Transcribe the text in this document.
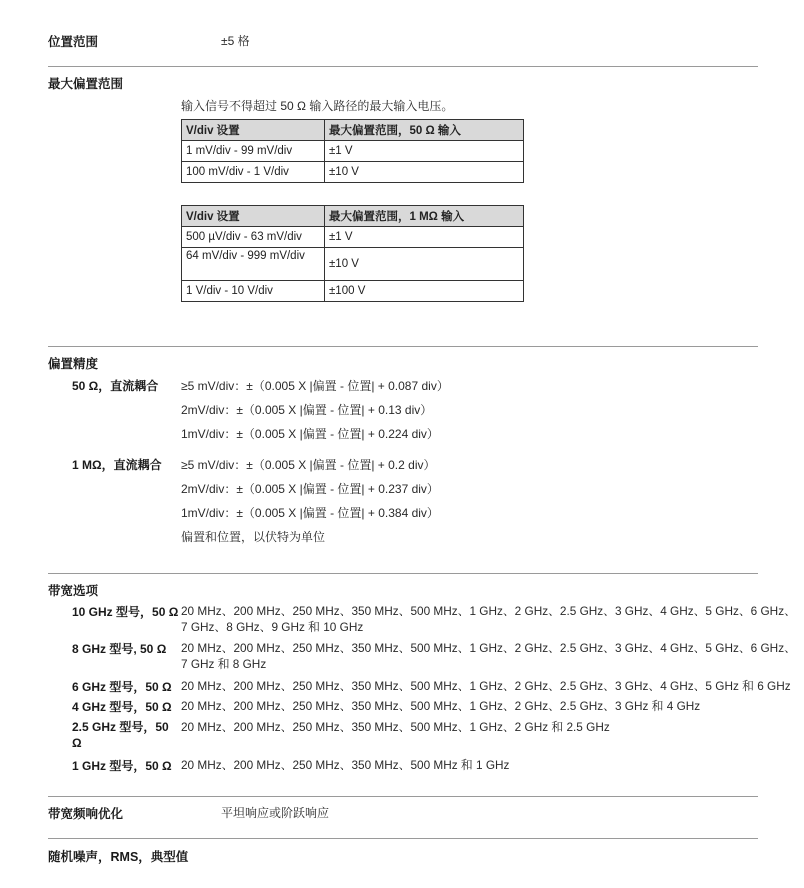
位置范围	±5 格
最大偏置范围
输入信号不得超过 50 Ω 输入路径的最大输入电压。
V/div 设置	最大偏置范围，50 Ω 输入
1 mV/div - 99 mV/div	±1 V
100 mV/div - 1 V/div	±10 V
V/div 设置	最大偏置范围，1 MΩ 输入
500 µV/div - 63 mV/div	±1 V
64 mV/div - 999 mV/div	±10 V
1 V/div - 10 V/div	±100 V
偏置精度
50 Ω，直流耦合 ≥5 mV/div：±（0.005 X |偏置 - 位置| + 0.087 div）
2mV/div：±（0.005 X |偏置 - 位置| + 0.13 div）
1mV/div：±（0.005 X |偏置 - 位置| + 0.224 div）
1 MΩ，直流耦合 ≥5 mV/div：±（0.005 X |偏置 - 位置| + 0.2 div）
2mV/div：±（0.005 X |偏置 - 位置| + 0.237 div）
1mV/div：±（0.005 X |偏置 - 位置| + 0.384 div）
偏置和位置，以伏特为单位
带宽选项
10 GHz 型号，50 Ω 20 MHz、200 MHz、250 MHz、350 MHz、500 MHz、1 GHz、2 GHz、2.5 GHz、3 GHz、4 GHz、5 GHz、6 GHz、
7 GHz、8 GHz、9 GHz 和 10 GHz
8 GHz 型号, 50 Ω 20 MHz、200 MHz、250 MHz、350 MHz、500 MHz、1 GHz、2 GHz、2.5 GHz、3 GHz、4 GHz、5 GHz、6 GHz、
7 GHz 和 8 GHz
6 GHz 型号，50 Ω 20 MHz、200 MHz、250 MHz、350 MHz、500 MHz、1 GHz、2 GHz、2.5 GHz、3 GHz、4 GHz、5 GHz 和 6 GHz
4 GHz 型号，50 Ω 20 MHz、200 MHz、250 MHz、350 MHz、500 MHz、1 GHz、2 GHz、2.5 GHz、3 GHz 和 4 GHz
2.5 GHz 型号，50 Ω
20 MHz、200 MHz、250 MHz、350 MHz、500 MHz、1 GHz、2 GHz 和 2.5 GHz
1 GHz 型号，50 Ω 20 MHz、200 MHz、250 MHz、350 MHz、500 MHz 和 1 GHz
带宽频响优化	平坦响应或阶跃响应
随机噪声，RMS，典型值
